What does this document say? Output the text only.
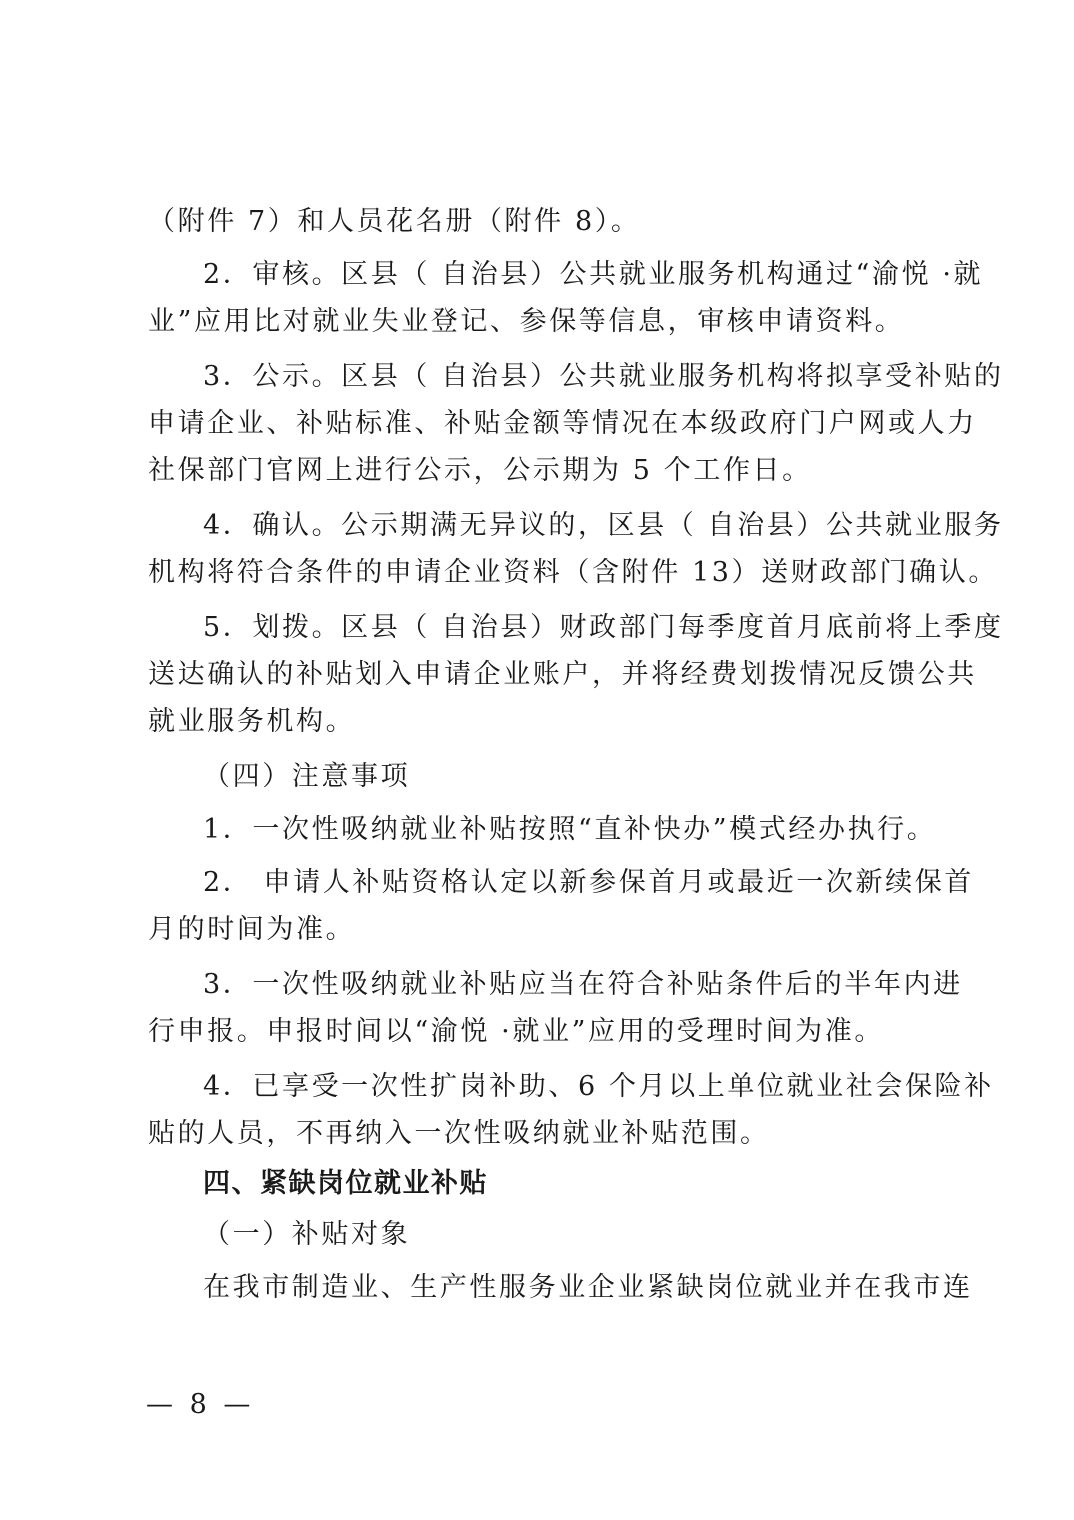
（附件 7）和人员花名册（附件 8）。
2．审核。区县（ 自治县）公共就业服务机构通过“渝悦 ·就
业”应用比对就业失业登记、参保等信息，审核申请资料。
3．公示。区县（ 自治县）公共就业服务机构将拟享受补贴的
申请企业、补贴标准、补贴金额等情况在本级政府门户网或人力
社保部门官网上进行公示，公示期为 5 个工作日。
4．确认。公示期满无异议的，区县（ 自治县）公共就业服务
机构将符合条件的申请企业资料（含附件 13）送财政部门确认。
5．划拨。区县（ 自治县）财政部门每季度首月底前将上季度
送达确认的补贴划入申请企业账户，并将经费划拨情况反馈公共
就业服务机构。
（四）注意事项
1．一次性吸纳就业补贴按照“直补快办”模式经办执行。
2． 申请人补贴资格认定以新参保首月或最近一次新续保首
月的时间为准。
3．一次性吸纳就业补贴应当在符合补贴条件后的半年内进
行申报。申报时间以“渝悦 ·就业”应用的受理时间为准。
4．已享受一次性扩岗补助、6 个月以上单位就业社会保险补
贴的人员，不再纳入一次性吸纳就业补贴范围。
四、紧缺岗位就业补贴
（一）补贴对象
在我市制造业、生产性服务业企业紧缺岗位就业并在我市连
— 8 —
